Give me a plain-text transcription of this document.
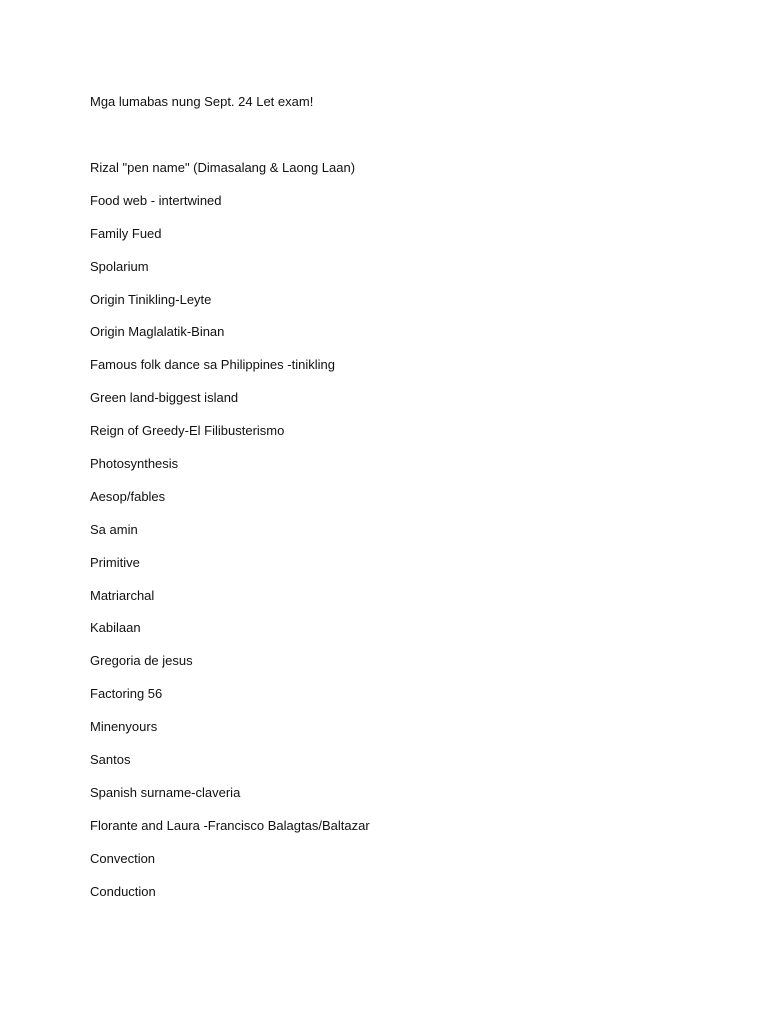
Mga lumabas nung Sept. 24 Let exam!
Rizal "pen name" (Dimasalang & Laong Laan)
Food web - intertwined
Family Fued
Spolarium
Origin Tinikling-Leyte
Origin Maglalatik-Binan
Famous folk dance sa Philippines -tinikling
Green land-biggest island
Reign of Greedy-El Filibusterismo
Photosynthesis
Aesop/fables
Sa amin
Primitive
Matriarchal
Kabilaan
Gregoria de jesus
Factoring 56
Minenyours
Santos
Spanish surname-claveria
Florante and Laura -Francisco Balagtas/Baltazar
Convection
Conduction
